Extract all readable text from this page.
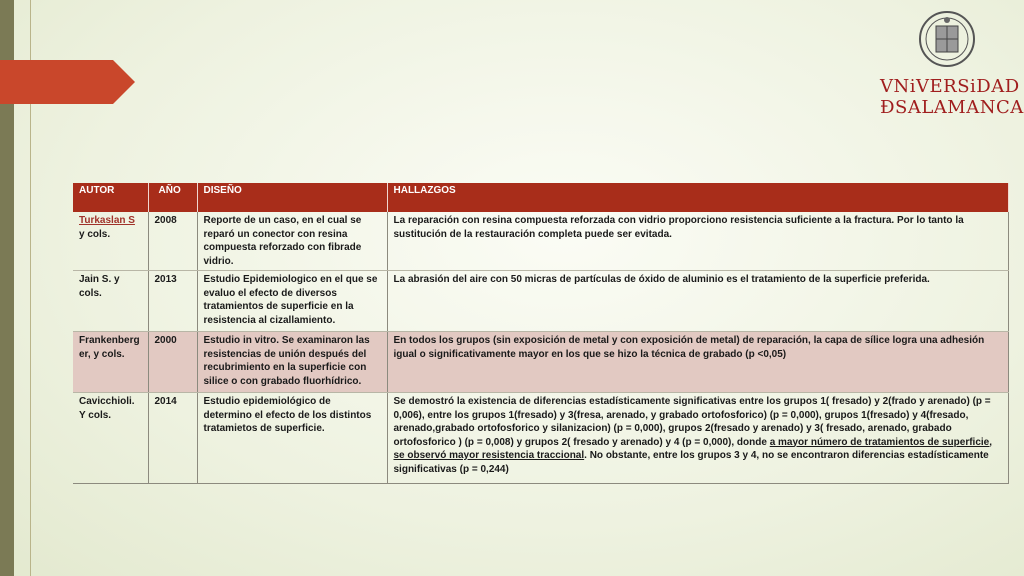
VNiVERSiDAD
ÐSALAMANCA
AUTOR	AÑO	DISEÑO	HALLAZGOS
Turkaslan S y cols.	2008	Reporte de un caso, en el cual se reparó un conector con resina compuesta reforzado con fibrade vidrio.	La reparación con resina compuesta reforzada con vidrio proporciono resistencia suficiente a la fractura. Por lo tanto la sustitución de la restauración completa puede ser evitada.
Jain S. y cols.	2013	Estudio Epidemiologico en el que se evaluo el efecto de diversos tratamientos de superficie en la resistencia al cizallamiento.	La abrasión del aire con 50 micras de partículas de óxido de aluminio es el tratamiento de la superficie preferida.
Frankenberger, y cols.	2000	Estudio in vitro. Se examinaron las resistencias de unión después del recubrimiento en la superficie con silice o con grabado fluorhídrico.	En todos los grupos (sin exposición de metal y con exposición de metal) de reparación, la capa de sílice logra una adhesión igual o significativamente mayor en los que se hizo la técnica de grabado (p <0,05)
Cavicchioli. Y cols.	2014	Estudio epidemiológico de determino el efecto de los distintos tratamietos de superficie.	Se demostró la existencia de diferencias estadísticamente significativas entre los grupos 1( fresado) y 2(frado y arenado) (p = 0,006), entre los grupos 1(fresado) y 3(fresa, arenado, y grabado ortofosforico) (p = 0,000), grupos 1(fresado) y 4(fresado, arenado,grabado ortofosforico y silanizacion) (p = 0,000), grupos 2(fresado y arenado) y 3( fresado, arenado, grabado ortofosforico ) (p = 0,008) y grupos 2( fresado y arenado) y 4 (p = 0,000), donde a mayor número de tratamientos de superficie, se observó mayor resistencia traccional. No obstante, entre los grupos 3 y 4, no se encontraron diferencias estadísticamente significativas (p = 0,244)
